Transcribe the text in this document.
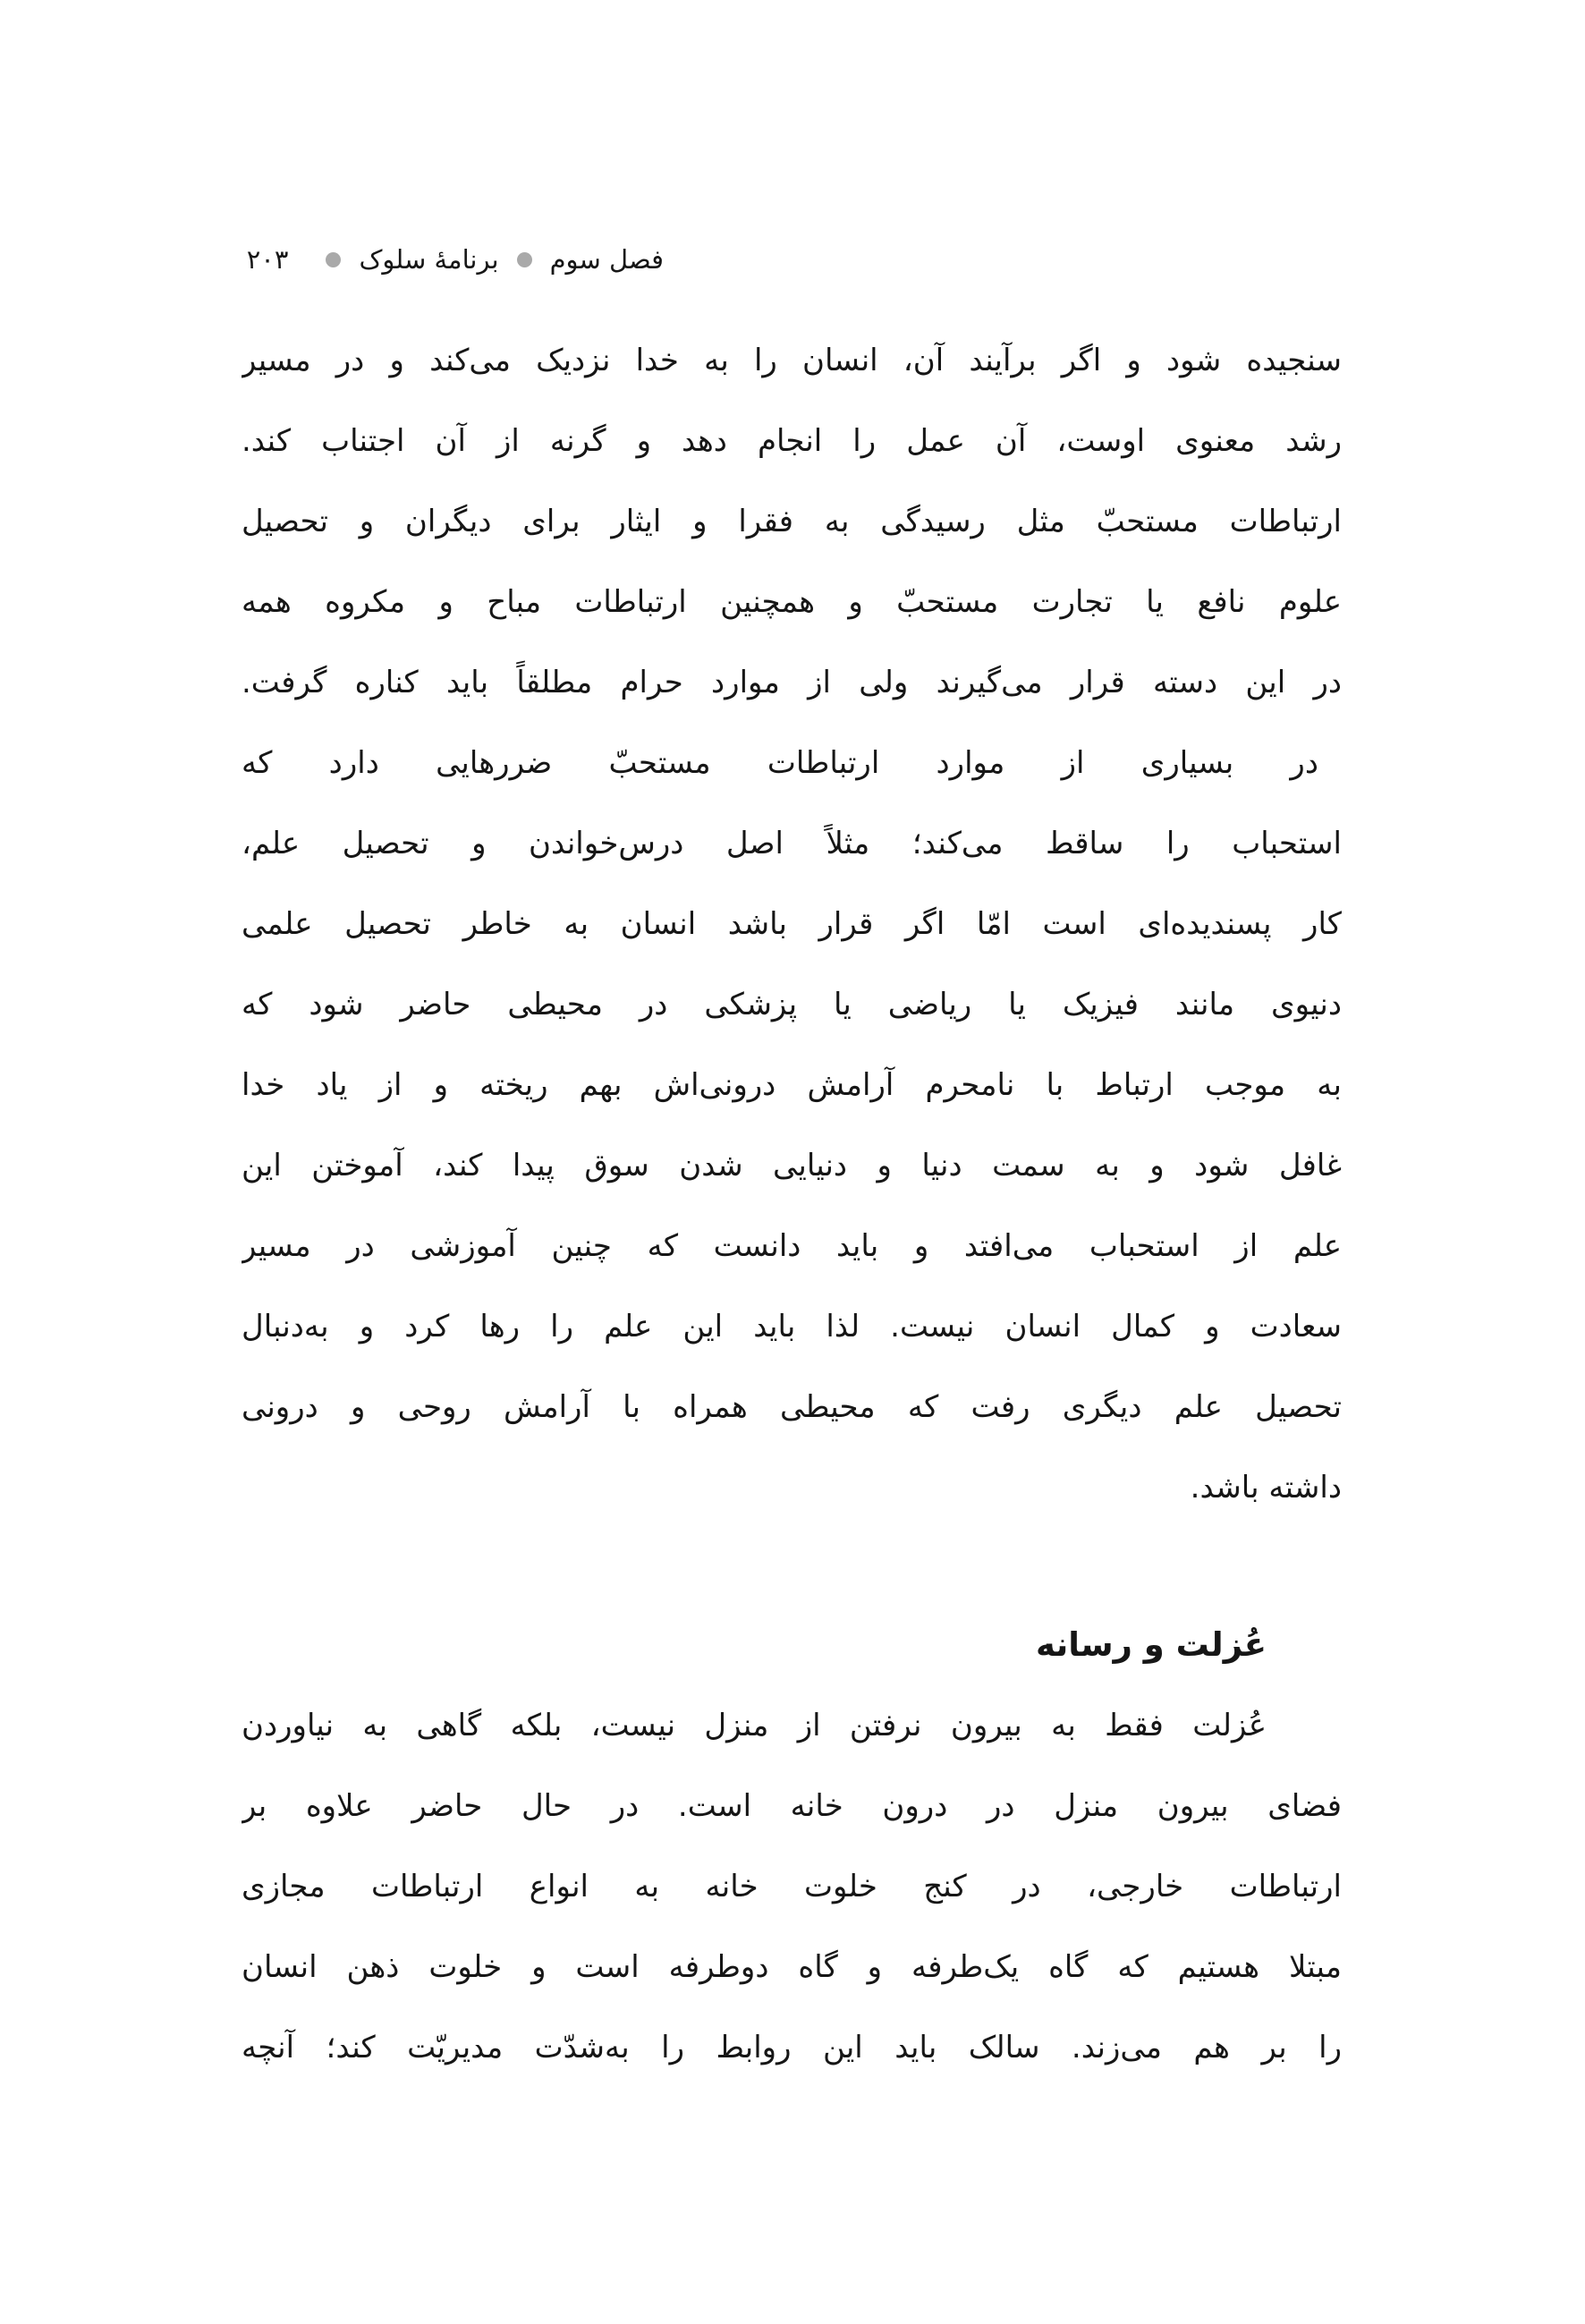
فصل سوم
برنامهٔ سلوک
۲۰۳
سنجیده شود و اگر برآیند آن، انسان را به خدا نزدیک می‌کند و در مسیر
رشد معنوی اوست، آن عمل را انجام دهد و گرنه از آن اجتناب کند.
ارتباطات مستحبّ مثل رسیدگی به فقرا و ایثار برای دیگران و تحصیل
علوم نافع یا تجارت مستحبّ و همچنین ارتباطات مباح و مکروه همه
در این دسته قرار می‌گیرند ولی از موارد حرام مطلقاً باید کناره گرفت.
در بسیاری از موارد ارتباطات مستحبّ ضررهایی دارد که
استحباب را ساقط می‌کند؛ مثلاً اصل درس‌خواندن و تحصیل علم،
کار پسندیده‌ای است امّا اگر قرار باشد انسان به خاطر تحصیل علمی
دنیوی مانند فیزیک یا ریاضی یا پزشکی در محیطی حاضر شود که
به موجب ارتباط با نامحرم آرامش درونی‌اش بهم ریخته و از یاد خدا
غافل شود و به سمت دنیا و دنیایی شدن سوق پیدا کند، آموختن این
علم از استحباب می‌افتد و باید دانست که چنین آموزشی در مسیر
سعادت و کمال انسان نیست. لذا باید این علم را رها کرد و به‌دنبال
تحصیل علم دیگری رفت که محیطی همراه با آرامش روحی و درونی
داشته باشد.
عُزلت و رسانه
عُزلت فقط به بیرون نرفتن از منزل نیست، بلکه گاهی به نیاوردن
فضای بیرون منزل در درون خانه است. در حال حاضر علاوه بر
ارتباطات خارجی، در کنج خلوت خانه به انواع ارتباطات مجازی
مبتلا هستیم که گاه یک‌طرفه و گاه دوطرفه است و خلوت ذهن انسان
را بر هم می‌زند. سالک باید این روابط را به‌شدّت مدیریّت کند؛ آنچه
